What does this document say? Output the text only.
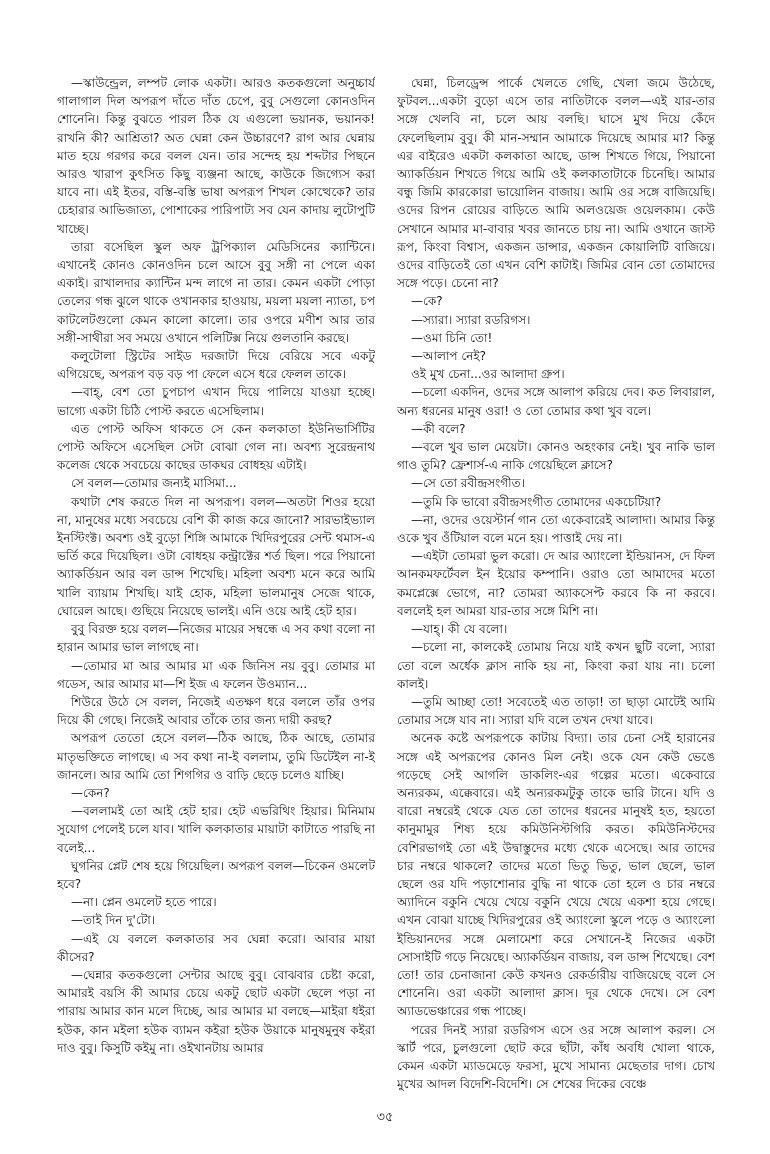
—স্কাউন্ড্রেল, লম্পট লোক একটা। আরও কতকগুলো অনুচ্চার্য গালাগাল দিল অপরূপ দাঁতে দাঁত চেপে, বুবু সেগুলো কোনওদিন শোনেনি। কিন্তু বুঝতে পারল ঠিক যে এগুলো ভয়ানক, ভয়ানক! রাখনি কী? আশ্রিতা? অত ঘেন্না কেন উচ্চারণে? রাগ আর ঘেন্নায় মাত হয়ে গরগর করে বলল যেন। তার সন্দেহ হয় শব্দটার পিছনে আরও খারাপ কুৎসিত কিছু ব্যঞ্জনা আছে, কাউকে জিগ্যেস করা যাবে না। এই ইতর, বস্তি-বস্তি ভাষা অপরূপ শিখল কোত্থেকে? তার চেহারার আভিজাত্য, পোশাকের পারিপাট্য সব যেন কাদায় লুটোপুটি খাচ্ছে।

তারা বসেছিল স্কুল অফ ট্রপিক্যাল মেডিসিনের ক্যান্টিনে। এখানেই কোনও কোনওদিন চলে আসে বুবু সঙ্গী না পেলে একা একাই। রাখালদার ক্যান্টিন মন্দ লাগে না তার। কেমন একটা পোড়া তেলের গন্ধ ঝুলে থাকে ওখানকার হাওয়ায়, ময়লা ময়লা ন্যাতা, চপ কাটলেটগুলো কেমন কালো কালো। তার ওপরে মণীশ আর তার সঙ্গী-সাথীরা সব সময়ে ওখানে পলিটিক্স নিয়ে গুলতানি করছে।

কলুটোলা স্ট্রিটের সাইড দরজাটা দিয়ে বেরিয়ে সবে একটু এগিয়েছে, অপরূপ বড় বড় পা ফেলে এসে ধরে ফেলল তাকে।

—বাহ্, বেশ তো চুপচাপ এখান দিয়ে পালিয়ে যাওয়া হচ্ছে। ভাগ্যে একটা চিঠি পোস্ট করতে এসেছিলাম।

এত পোস্ট অফিস থাকতে সে কেন কলকাতা ইউনিভার্সিটির পোস্ট অফিসে এসেছিল সেটা বোঝা গেল না। অবশ্য সুরেন্দ্রনাথ কলেজ থেকে সবচেয়ে কাছের ডাকঘর বোধহয় এটাই।

সে বলল—তোমার জন্যই মাসিমা...

কথাটা শেষ করতে দিল না অপরূপ। বলল—অতটা শিওর হয়ো না, মানুষের মধ্যে সবচেয়ে বেশি কী কাজ করে জানো? সারভাইভ্যাল ইনস্টিংক্ট। অবশ্য ওই বুড়ো শিঙ্গি আমাকে খিদিরপুরের সেন্ট থমাস-এ ভর্তি করে দিয়েছিল। ওটা বোধহয় কন্ট্রাক্টের শর্ত ছিল। পরে পিয়ানো অ্যাকর্ডিয়ন আর বল ডান্স শিখেছি। মহিলা অবশ্য মনে করে আমি খালি ব্যায়াম শিখছি। যাই হোক, মহিলা ভালমানুষ সেজে থাকে, ঘোরেল আছে। গুছিয়ে নিয়েছে ভালই। এনি ওয়ে আই হেট হার।

বুবু বিরক্ত হয়ে বলল—নিজের মায়ের সম্বন্ধে এ সব কথা বলো না হারান আমার ভাল লাগছে না।

—তোমার মা আর আমার মা এক জিনিস নয় বুবু। তোমার মা গডেস, আর আমার মা—শি ইজ এ ফলেন উওম্যান...

শিউরে উঠে সে বলল, নিজেই এতক্ষণ ধরে বললে তাঁর ওপর দিয়ে কী গেছে। নিজেই আবার তাঁকে তার জন্য দায়ী করছ?

অপরূপ তেতো হেসে বলল—ঠিক আছে, ঠিক আছে, তোমার মাতৃভক্তিতে লাগছে। এ সব কথা না-ই বললাম, তুমি ডিটেইল না-ই জানলে। আর আমি তো শিগগির ও বাড়ি ছেড়ে চলেও যাচ্ছি।

—কেন?

—বললামই তো আই হেট হার। হেট এভরিথিং হিয়ার। মিনিমাম সুযোগ পেলেই চলে যাব। খালি কলকাতার মায়াটা কাটাতে পারছি না বলেই...

ঘুগনির প্লেট শেষ হয়ে গিয়েছিল। অপরূপ বলল—চিকেন ওমলেট হবে?

—না। প্লেন ওমলেট হতে পারে।

—তাই দিন দু'টো।

—এই যে বললে কলকাতার সব ঘেন্না করো। আবার মায়া কীসের?

—ঘেন্নার কতকগুলো সেন্টার আছে বুবু। বোঝবার চেষ্টা করো, আমারই বয়সি কী আমার চেয়ে একটু ছোট একটা ছেলে পড়া না পারায় আমার কান মলে দিচ্ছে, আর আমার মা বলছে—মাইরা ধইরা হউক, কান মইলা হউক ব্যামন কইরা হউক উয়াকে মানুষমুনুষ কইরা দাও বুবু। কিসুটি কইমু না। ওইখানটায় আমার

ঘেন্না, চিলড্রেন্স পার্কে খেলতে গেছি, খেলা জমে উঠেছে, ফুটবল...একটা বুড়ো এসে তার নাতিটাকে বলল—এই যার-তার সঙ্গে খেলবি না, চলে আয় বলছি। ঘাসে মুখ দিয়ে কেঁদে ফেলেছিলাম বুবু। কী মান-সম্মান আমাকে দিয়েছে আমার মা? কিন্তু এর বাইরেও একটা কলকাতা আছে, ডান্স শিখতে গিয়ে, পিয়ানো অ্যাকর্ডিয়ন শিখতে গিয়ে আমি ওই কলকাতাটাকে চিনেছি। আমার বন্ধু জিমি কারকোরা ভায়োলিন বাজায়। আমি ওর সঙ্গে বাজিয়েছি। ওদের রিপন রোয়ের বাড়িতে আমি অলওয়েজ ওয়েলকাম। কেউ সেখানে আমার মা-বাবার খবর জানতে চায় না। আমি ওখানে জাস্ট রূপ, কিংবা বিশ্বাস, একজন ডান্সার, একজন কোয়ালিটি বাজিয়ে। ওদের বাড়িতেই তো এখন বেশি কাটাই। জিমির বোন তো তোমাদের সঙ্গে পড়ে। চেনো না?

—কে?

—স্যারা। স্যারা রডরিগস।

—ওমা চিনি তো!

—আলাপ নেই?

ওই মুখ চেনা...ওর আলাদা গ্রুপ।

—চলো একদিন, ওদের সঙ্গে আলাপ করিয়ে দেব। কত লিবারাল, অন্য ধরনের মানুষ ওরা! ও তো তোমার কথা খুব বলে।

—কী বলে?

—বলে খুব ভাল মেয়েটা। কোনও অহংকার নেই। খুব নাকি ভাল গাও তুমি? ফ্রেশার্স-এ নাকি গেয়েছিলে ক্লাসে?

—সে তো রবীন্দ্রসংগীত।

—তুমি কি ভাবো রবীন্দ্রসংগীত তোমাদের একচেটিয়া?

—না, ওদের ওয়েস্টার্ন গান তো একেবারেই আলাদা। আমার কিন্তু ওকে খুব ওঁটিয়াল বলে মনে হয়। পাত্তাই দেয় না।

—এইটা তোমরা ভুল করো। দে আর অ্যাংলো ইন্ডিয়ানস, দে ফিল আনকমফর্টেবল ইন ইয়োর কম্পানি। ওরাও তো আমাদের মতো কমপ্লেক্সে ভোগে, না? তোমরা অ্যাকসেপ্ট করবে কি না করবে। বললেই হল আমরা যার-তার সঙ্গে মিশি না।

—যাহ্। কী যে বলো।

—চলো না, কালকেই তোমায় নিয়ে যাই কখন ছুটি বলো, স্যারা তো বলে অর্ধেক ক্লাস নাকি হয় না, কিংবা করা যায় না। চলো কালই।

—তুমি আচ্ছা তো! সবেতেই এত তাড়া! তা ছাড়া মোটেই আমি তোমার সঙ্গে যাব না। স্যারা যদি বলে তখন দেখা যাবে।

অনেক কষ্টে অপরূপকে কাটায় বিদ্যা। তার চেনা সেই হারানের সঙ্গে এই অপরূপের কোনও মিল নেই। ওকে যেন কেউ ভেঙে গড়েছে সেই আগলি ডাকলিং-এর গল্পের মতো। একেবারে অন্যরকম, এক্কেবারে। এই অন্যরকমটুকু তাকে ভারি টানে। যদি ও বারো নম্বরেই থেকে যেত তো তাদের ধরনের মানুষই হত, হয়তো কানুমামুর শিষ্য হয়ে কমিউনিস্টগিরি করত। কমিউনিস্টদের বেশিরভাগই তো এই উদ্বাস্তুদের মধ্যে থেকে এসেছে। আর তাদের চার নম্বরে থাকলে? তাদের মতো ভিতু ভিতু, ভাল ছেলে, ভাল ছেলে ওর যদি পড়াশোনার বুদ্ধি না থাকে তো হলে ও চার নম্বরে অ্যাদিনে বকুনি খেয়ে খেয়ে বকুনি খেয়ে খেয়ে একশা হয়ে গেছে। এখন বোঝা যাচ্ছে খিদিরপুরের ওই অ্যাংলো স্কুলে পড়ে ও অ্যাংলো ইন্ডিয়ানদের সঙ্গে মেলামেশা করে সেখানে-ই নিজের একটা সোসাইটি গড়ে নিয়েছে। অ্যাকর্ডিয়ন বাজায়, বল ডান্স শিখেছে। বেশ তো! তার চেনাজানা কেউ কখনও রেকর্ডারীয় বাজিয়েছে বলে সে শোনেনি। ওরা একটা আলাদা ক্লাস। দূর থেকে দেখে। সে বেশ অ্যাডভেঞ্চারের গন্ধ পাচ্ছে।

পরের দিনই স্যারা রডরিগস এসে ওর সঙ্গে আলাপ করল। সে স্কার্ট পরে, চুলগুলো ছোট করে ছাঁটা, কাঁধ অবধি খোলা থাকে, কেমন একটা ম্যাডমেড়ে ফরসা, মুখে সামান্য মেছেতার দাগ। চোখ মুখের আদল বিদেশি-বিদেশি। সে শেষের দিকের বেঞ্চে

৩৫
